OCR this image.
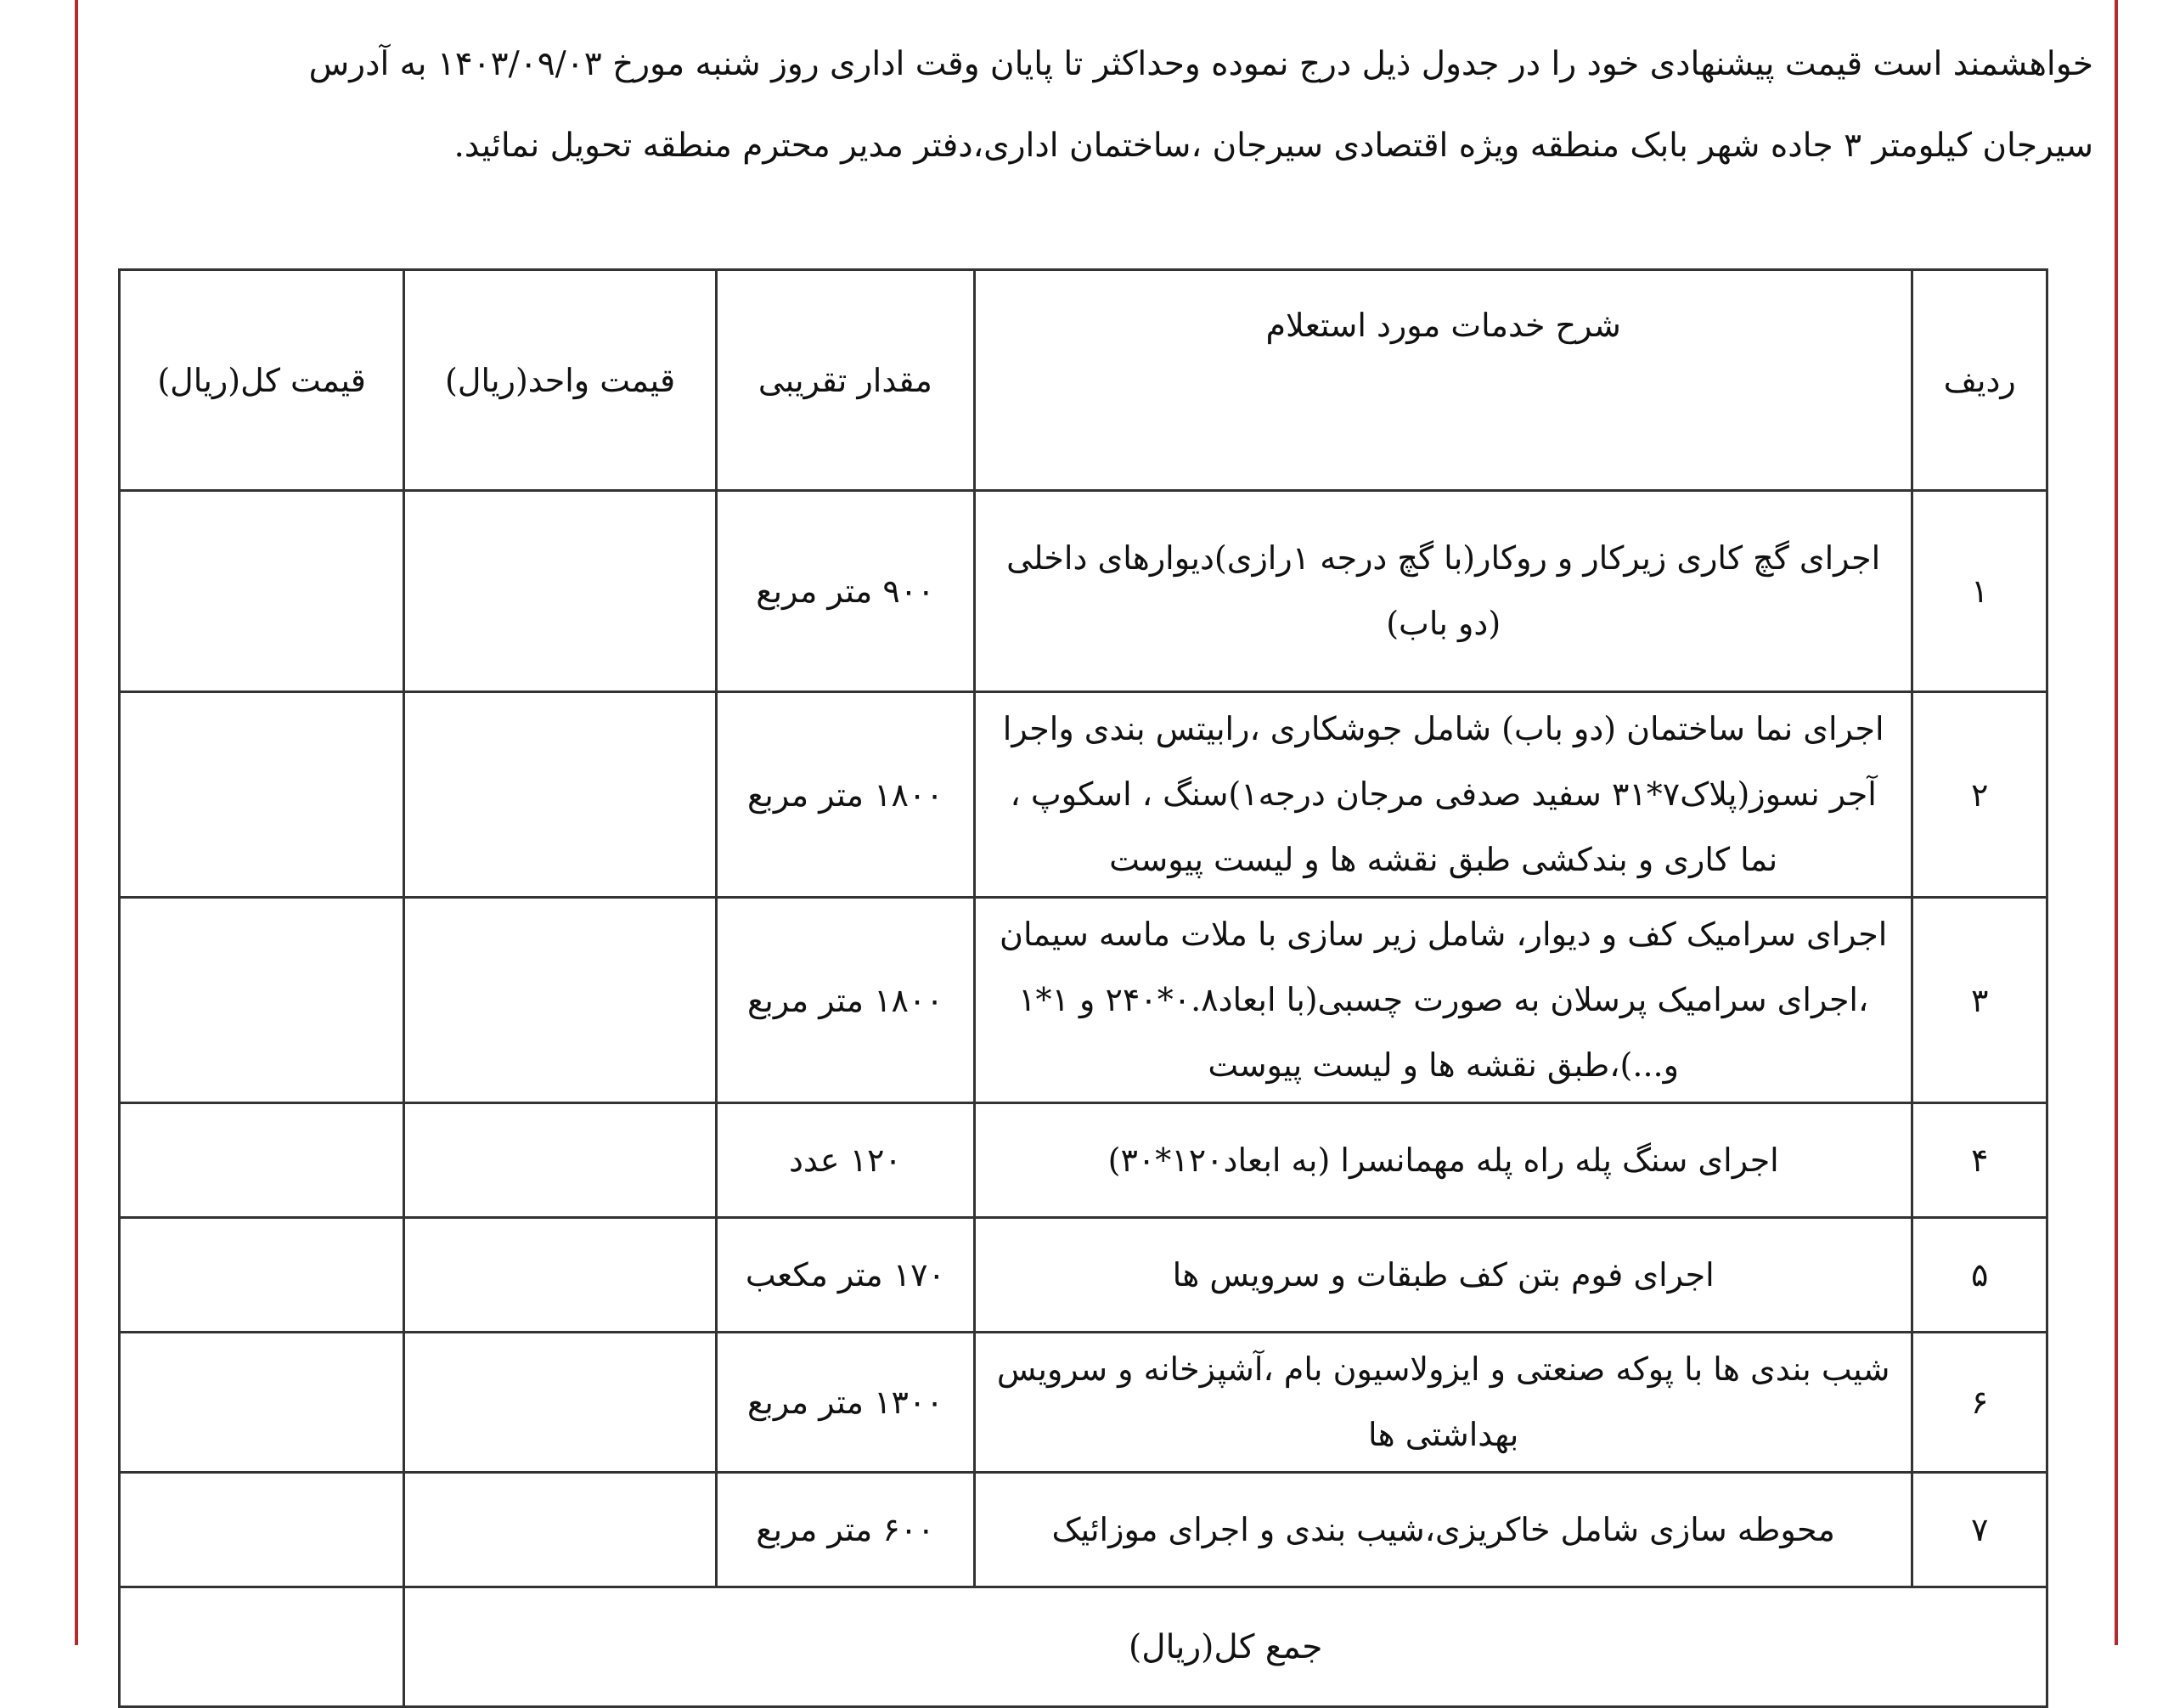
خواهشمند است قیمت پیشنهادی خود را در جدول ذیل درج نموده وحداکثر تا پایان وقت اداری روز شنبه مورخ ۱۴۰۳/۰۹/۰۳ به آدرس

سیرجان کیلومتر ۳ جاده شهر بابک منطقه ویژه اقتصادی سیرجان ،ساختمان اداری،دفتر مدیر محترم منطقه تحویل نمائید.

ردیف	شرح خدمات مورد استعلام	مقدار تقریبی	قیمت واحد(ریال)	قیمت کل(ریال)
۱	اجرای گچ کاری زیرکار و روکار(با گچ درجه ۱رازی)دیوارهای داخلی (دو باب)	۹۰۰ متر مربع		
۲	اجرای نما ساختمان (دو باب) شامل جوشکاری ،رابیتس بندی واجرا آجر نسوز(پلاک۷*۳۱ سفید صدفی مرجان درجه۱)سنگ ، اسکوپ ، نما کاری و بندکشی طبق نقشه ها و لیست پیوست	۱۸۰۰ متر مربع		
۳	اجرای سرامیک کف و دیوار، شامل زیر سازی با ملات ماسه سیمان ،اجرای سرامیک پرسلان به صورت چسبی(با ابعاد۰.۸*۲۴۰ و ۱*۱ و...)،طبق نقشه ها و لیست پیوست	۱۸۰۰ متر مربع		
۴	اجرای سنگ پله راه پله مهمانسرا (به ابعاد۱۲۰*۳۰)	۱۲۰ عدد		
۵	اجرای فوم بتن کف طبقات و سرویس ها	۱۷۰ متر مکعب		
۶	شیب بندی ها با پوکه صنعتی و ایزولاسیون بام ،آشپزخانه و سرویس بهداشتی ها	۱۳۰۰ متر مربع		
۷	محوطه سازی شامل خاکریزی،شیب بندی و اجرای موزائیک	۶۰۰ متر مربع		
جمع کل(ریال)				
